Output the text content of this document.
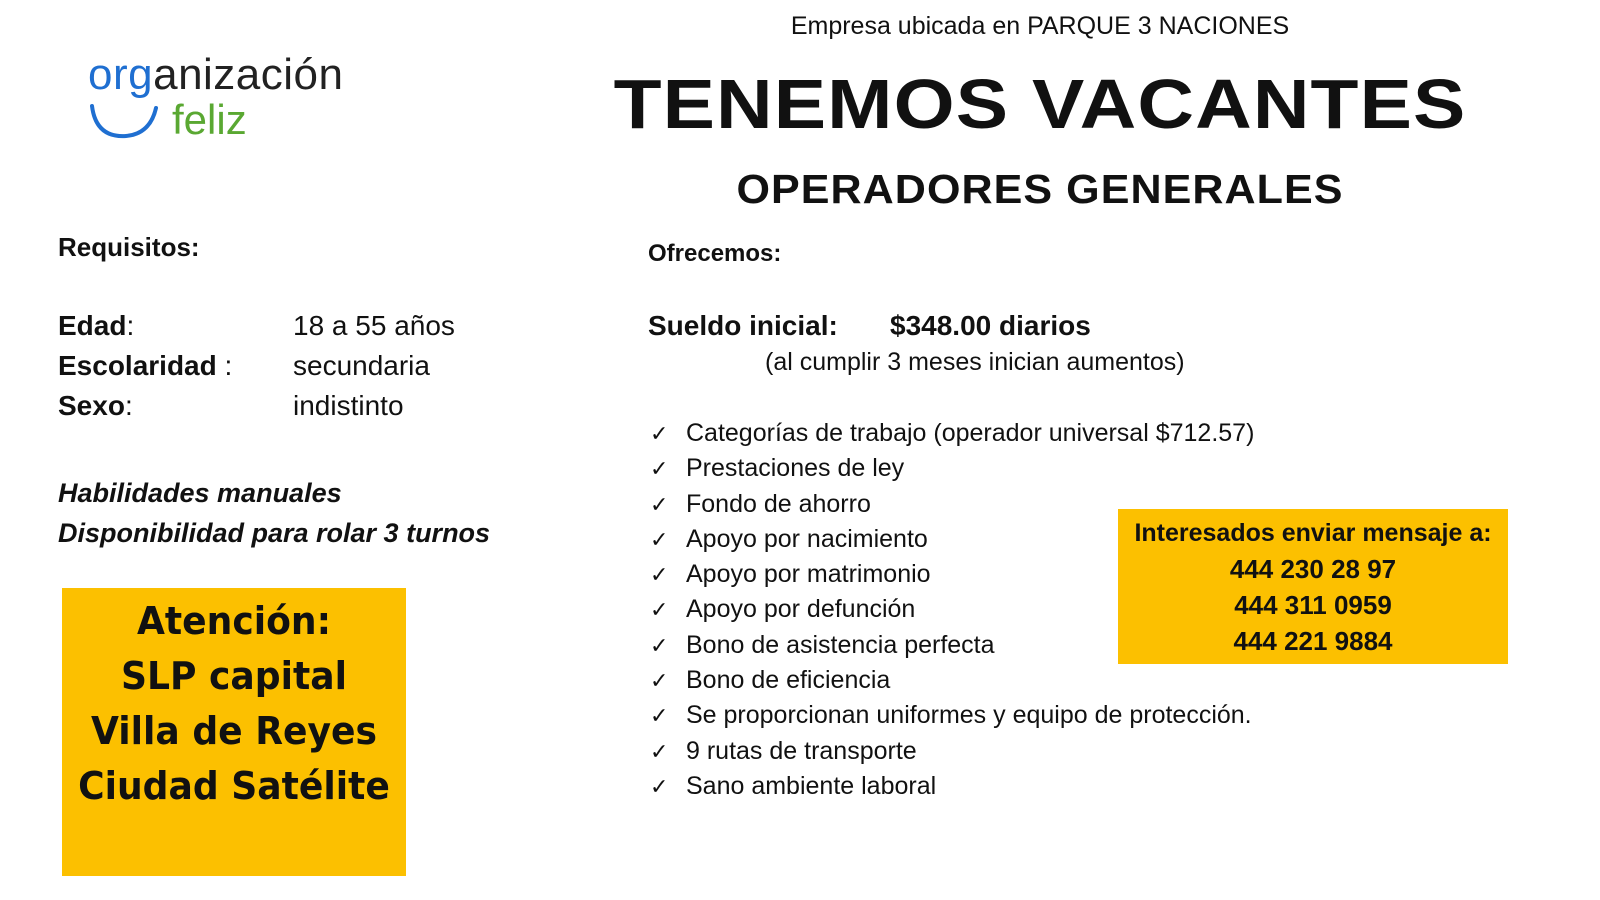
organización
feliz
Empresa ubicada en PARQUE 3 NACIONES
TENEMOS VACANTES
OPERADORES GENERALES
Requisitos:
Edad:	18 a 55 años
Escolaridad : secundaria
Sexo:	indistinto
Habilidades manuales
Disponibilidad para rolar 3 turnos
Atención:
SLP capital
Villa de Reyes
Ciudad Satélite
Ofrecemos:
Sueldo inicial: $348.00 diarios
(al cumplir 3 meses inician aumentos)
✓ Categorías de trabajo (operador universal $712.57)
✓ Prestaciones de ley
✓ Fondo de ahorro
✓ Apoyo por nacimiento
✓ Apoyo por matrimonio
✓ Apoyo por defunción
✓ Bono de asistencia perfecta
✓ Bono de eficiencia
✓ Se proporcionan uniformes y equipo de protección.
✓ 9 rutas de transporte
✓ Sano ambiente laboral
Interesados enviar mensaje a:
444 230 28 97
444 311 0959
444 221 9884
